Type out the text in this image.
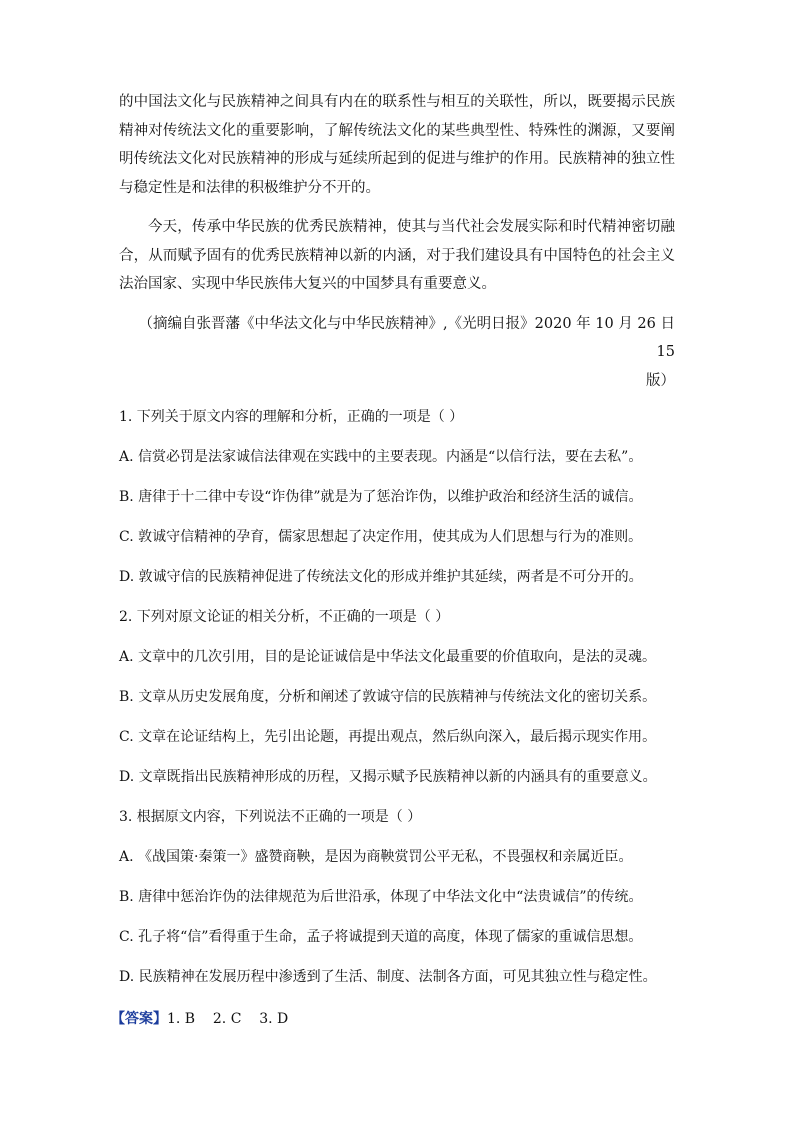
的中国法文化与民族精神之间具有内在的联系性与相互的关联性，所以，既要揭示民族精神对传统法文化的重要影响，了解传统法文化的某些典型性、特殊性的渊源，又要阐明传统法文化对民族精神的形成与延续所起到的促进与维护的作用。民族精神的独立性与稳定性是和法律的积极维护分不开的。

今天，传承中华民族的优秀民族精神，使其与当代社会发展实际和时代精神密切融合，从而赋予固有的优秀民族精神以新的内涵，对于我们建设具有中国特色的社会主义法治国家、实现中华民族伟大复兴的中国梦具有重要意义。

（摘编自张晋藩《中华法文化与中华民族精神》,《光明日报》2020 年 10 月 26 日 15
版）

1. 下列关于原文内容的理解和分析，正确的一项是（ ）

A. 信赏必罚是法家诚信法律观在实践中的主要表现。内涵是“以信行法，要在去私”。

B. 唐律于十二律中专设“诈伪律”就是为了惩治诈伪，以维护政治和经济生活的诚信。

C. 敦诚守信精神的孕育，儒家思想起了决定作用，使其成为人们思想与行为的准则。

D. 敦诚守信的民族精神促进了传统法文化的形成并维护其延续，两者是不可分开的。

2. 下列对原文论证的相关分析，不正确的一项是（ ）

A. 文章中的几次引用，目的是论证诚信是中华法文化最重要的价值取向，是法的灵魂。

B. 文章从历史发展角度，分析和阐述了敦诚守信的民族精神与传统法文化的密切关系。

C. 文章在论证结构上，先引出论题，再提出观点，然后纵向深入，最后揭示现实作用。

D. 文章既指出民族精神形成的历程，又揭示赋予民族精神以新的内涵具有的重要意义。

3. 根据原文内容，下列说法不正确的一项是（ ）

A. 《战国策·秦策一》盛赞商鞅，是因为商鞅赏罚公平无私，不畏强权和亲属近臣。

B. 唐律中惩治诈伪的法律规范为后世沿承，体现了中华法文化中“法贵诚信”的传统。

C. 孔子将“信”看得重于生命，孟子将诚提到天道的高度，体现了儒家的重诚信思想。

D. 民族精神在发展历程中渗透到了生活、制度、法制各方面，可见其独立性与稳定性。

【答案】1. B    2. C    3. D
